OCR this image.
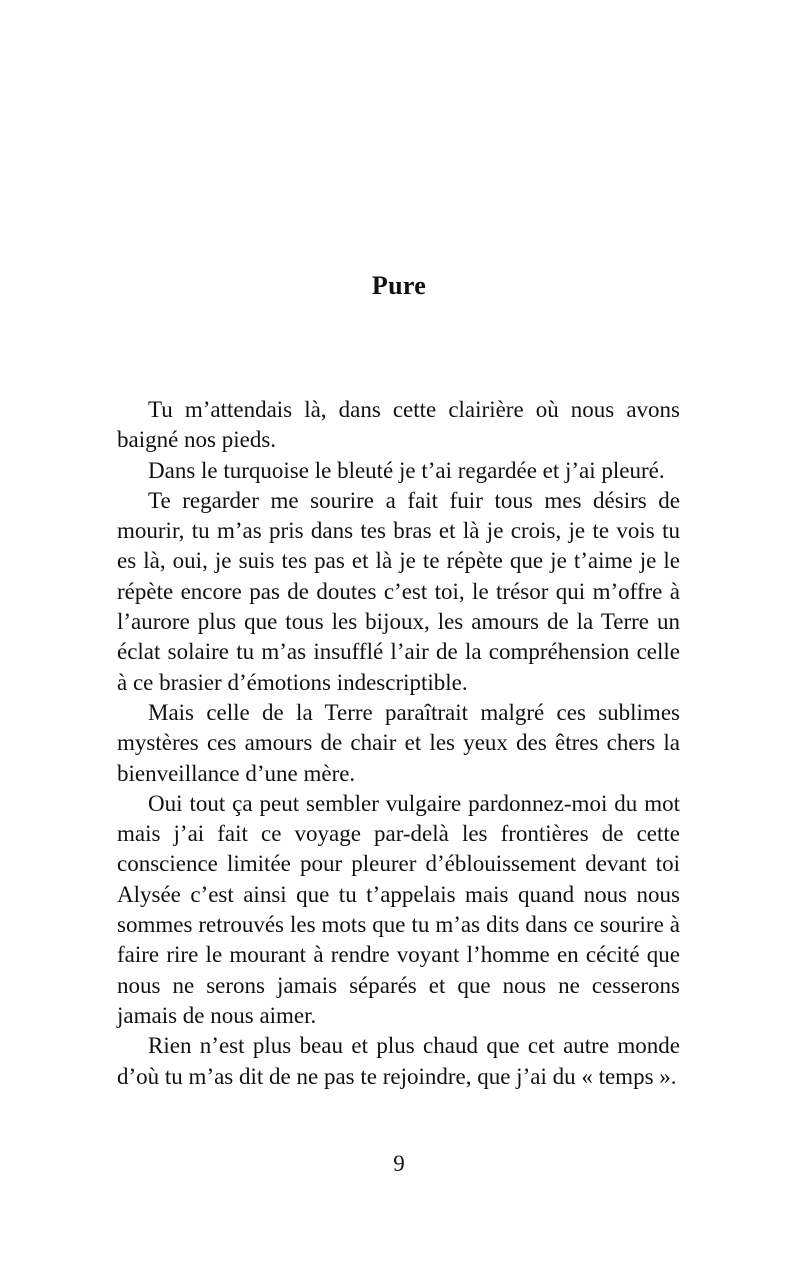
Pure

Tu m’attendais là, dans cette clairière où nous avons baigné nos pieds.

Dans le turquoise le bleuté je t’ai regardée et j’ai pleuré.

Te regarder me sourire a fait fuir tous mes désirs de mourir, tu m’as pris dans tes bras et là je crois, je te vois tu es là, oui, je suis tes pas et là je te répète que je t’aime je le répète encore pas de doutes c’est toi, le trésor qui m’offre à l’aurore plus que tous les bijoux, les amours de la Terre un éclat solaire tu m’as insufflé l’air de la compréhension celle à ce brasier d’émotions indescriptible.

Mais celle de la Terre paraîtrait malgré ces sublimes mystères ces amours de chair et les yeux des êtres chers la bienveillance d’une mère.

Oui tout ça peut sembler vulgaire pardonnez-moi du mot mais j’ai fait ce voyage par-delà les frontières de cette conscience limitée pour pleurer d’éblouissement devant toi Alysée c’est ainsi que tu t’appelais mais quand nous nous sommes retrouvés les mots que tu m’as dits dans ce sourire à faire rire le mourant à rendre voyant l’homme en cécité que nous ne serons jamais séparés et que nous ne cesserons jamais de nous aimer.

Rien n’est plus beau et plus chaud que cet autre monde d’où tu m’as dit de ne pas te rejoindre, que j’ai du « temps ».

9
